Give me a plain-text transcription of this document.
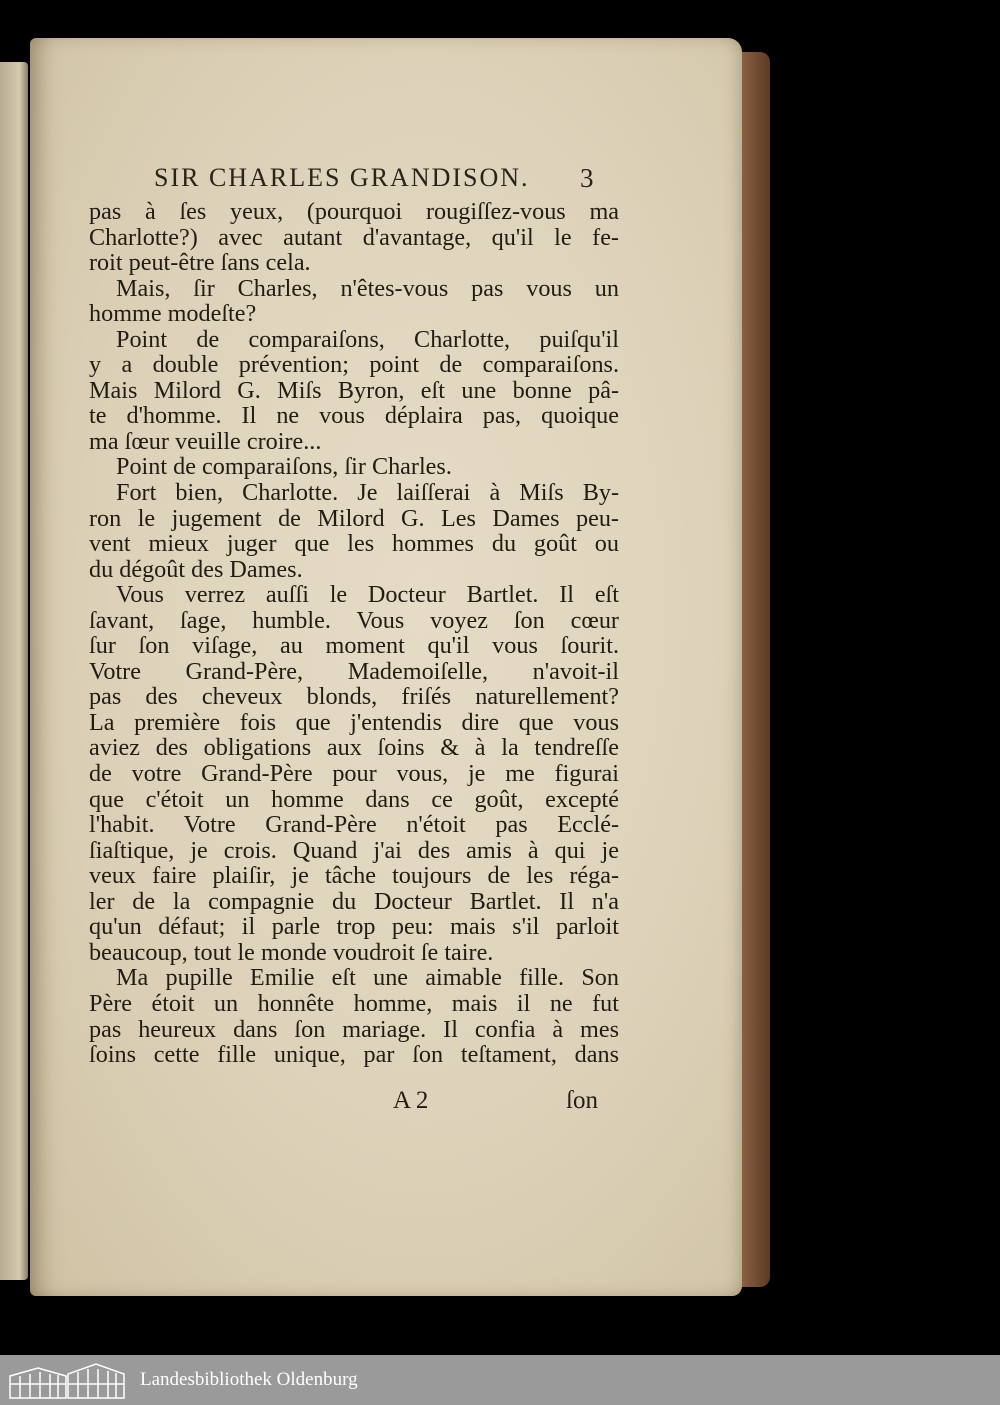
SIR CHARLES GRANDISON.	3
pas à ſes yeux, (pourquoi rougiſſez-vous ma
Charlotte?) avec autant d'avantage, qu'il le fe-
roit peut-être ſans cela.
Mais, ſir Charles, n'êtes-vous pas vous un
homme modeſte?
Point de comparaiſons, Charlotte, puiſqu'il
y a double prévention; point de comparaiſons.
Mais Milord G. Miſs Byron, eſt une bonne pâ-
te d'homme. Il ne vous déplaira pas, quoique
ma ſœur veuille croire...
Point de comparaiſons, ſir Charles.
Fort bien, Charlotte. Je laiſſerai à Miſs By-
ron le jugement de Milord G. Les Dames peu-
vent mieux juger que les hommes du goût ou
du dégoût des Dames.
Vous verrez auſſi le Docteur Bartlet. Il eſt
ſavant, ſage, humble. Vous voyez ſon cœur
ſur ſon viſage, au moment qu'il vous ſourit.
Votre Grand-Père, Mademoiſelle, n'avoit-il
pas des cheveux blonds, friſés naturellement?
La première fois que j'entendis dire que vous
aviez des obligations aux ſoins & à la tendreſſe
de votre Grand-Père pour vous, je me figurai
que c'étoit un homme dans ce goût, excepté
l'habit. Votre Grand-Père n'étoit pas Ecclé-
ſiaſtique, je crois. Quand j'ai des amis à qui je
veux faire plaiſir, je tâche toujours de les réga-
ler de la compagnie du Docteur Bartlet. Il n'a
qu'un défaut; il parle trop peu: mais s'il parloit
beaucoup, tout le monde voudroit ſe taire.
Ma pupille Emilie eſt une aimable fille. Son
Père étoit un honnête homme, mais il ne fut
pas heureux dans ſon mariage. Il confia à mes
ſoins cette fille unique, par ſon teſtament, dans
A 2	ſon
Landesbibliothek Oldenburg
